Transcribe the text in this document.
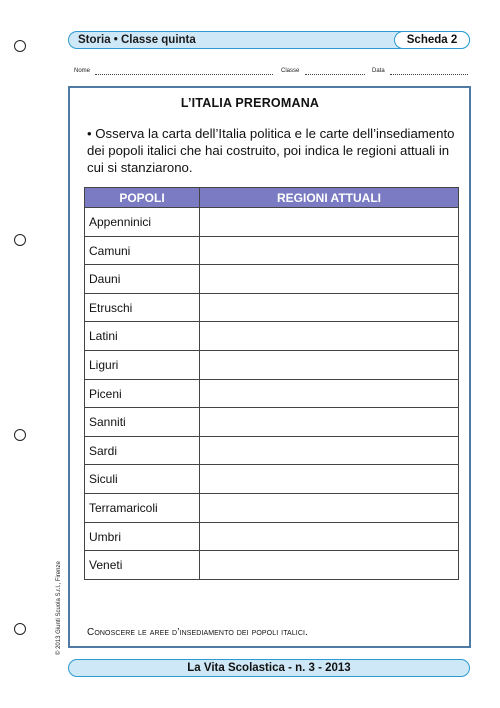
Storia • Classe quinta	Scheda 2
Nome	Classe	Data
L’ITALIA PREROMANA
• Osserva la carta dell’Italia politica e le carte dell’insediamento dei popoli italici che hai costruito, poi indica le regioni attuali in cui si stanziarono.
POPOLI	REGIONI ATTUALI
Appenninici
Camuni
Dauni
Etruschi
Latini
Liguri
Piceni
Sanniti
Sardi
Siculi
Terramaricoli
Umbri
Veneti
Conoscere le aree d’insediamento dei popoli italici.
© 2013 Giunti Scuola S.r.l., Firenze
La Vita Scolastica - n. 3 - 2013
